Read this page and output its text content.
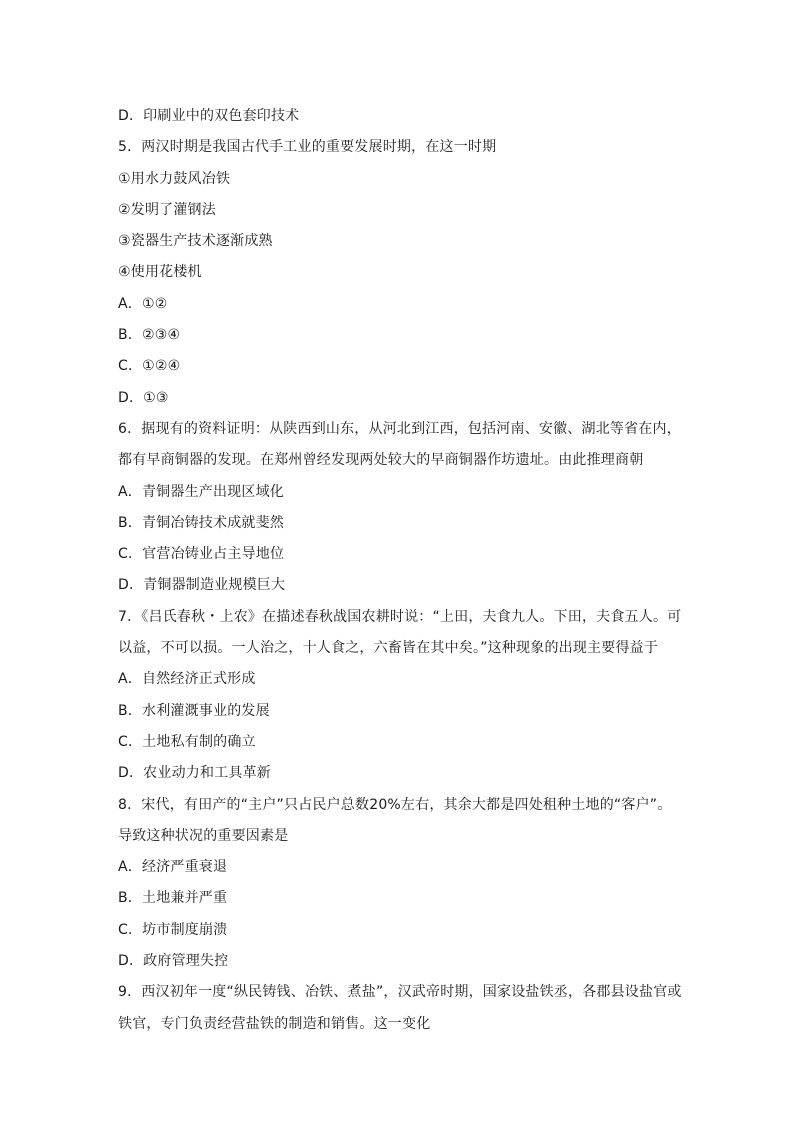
D．印刷业中的双色套印技术
5．两汉时期是我国古代手工业的重要发展时期，在这一时期
①用水力鼓风冶铁
②发明了灌钢法
③瓷器生产技术逐渐成熟
④使用花楼机
A．①②
B．②③④
C．①②④
D．①③
6．据现有的资料证明：从陕西到山东，从河北到江西，包括河南、安徽、湖北等省在内，
都有早商铜器的发现。在郑州曾经发现两处较大的早商铜器作坊遗址。由此推理商朝
A．青铜器生产出现区域化
B．青铜冶铸技术成就斐然
C．官营冶铸业占主导地位
D．青铜器制造业规模巨大
7．《吕氏春秋・上农》在描述春秋战国农耕时说：“上田，夫食九人。下田，夫食五人。可
以益，不可以损。一人治之，十人食之，六畜皆在其中矣。”这种现象的出现主要得益于
A．自然经济正式形成
B．水利灌溉事业的发展
C．土地私有制的确立
D．农业动力和工具革新
8．宋代，有田产的“主户”只占民户总数20%左右，其余大都是四处租种土地的“客户”。
导致这种状况的重要因素是
A．经济严重衰退
B．土地兼并严重
C．坊市制度崩溃
D．政府管理失控
9．西汉初年一度“纵民铸钱、冶铁、煮盐”，汉武帝时期，国家设盐铁丞，各郡县设盐官或
铁官，专门负责经营盐铁的制造和销售。这一变化
